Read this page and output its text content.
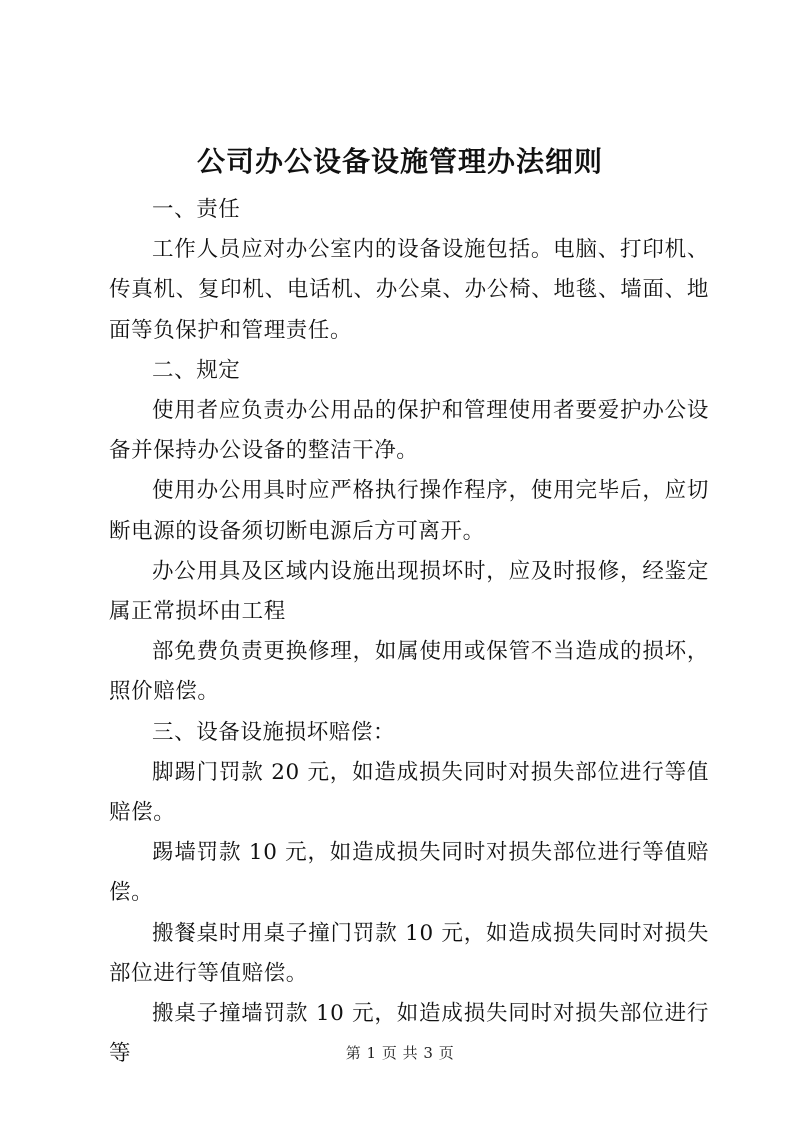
公司办公设备设施管理办法细则

一、责任

工作人员应对办公室内的设备设施包括。电脑、打印机、传真机、复印机、电话机、办公桌、办公椅、地毯、墙面、地面等负保护和管理责任。

二、规定

使用者应负责办公用品的保护和管理使用者要爱护办公设备并保持办公设备的整洁干净。

使用办公用具时应严格执行操作程序，使用完毕后，应切断电源的设备须切断电源后方可离开。

办公用具及区域内设施出现损坏时，应及时报修，经鉴定属正常损坏由工程

部免费负责更换修理，如属使用或保管不当造成的损坏，照价赔偿。

三、设备设施损坏赔偿：

脚踢门罚款 20 元，如造成损失同时对损失部位进行等值赔偿。

踢墙罚款 10 元，如造成损失同时对损失部位进行等值赔偿。

搬餐桌时用桌子撞门罚款 10 元，如造成损失同时对损失部位进行等值赔偿。

搬桌子撞墙罚款 10 元，如造成损失同时对损失部位进行等	第 1 页 共 3 页
